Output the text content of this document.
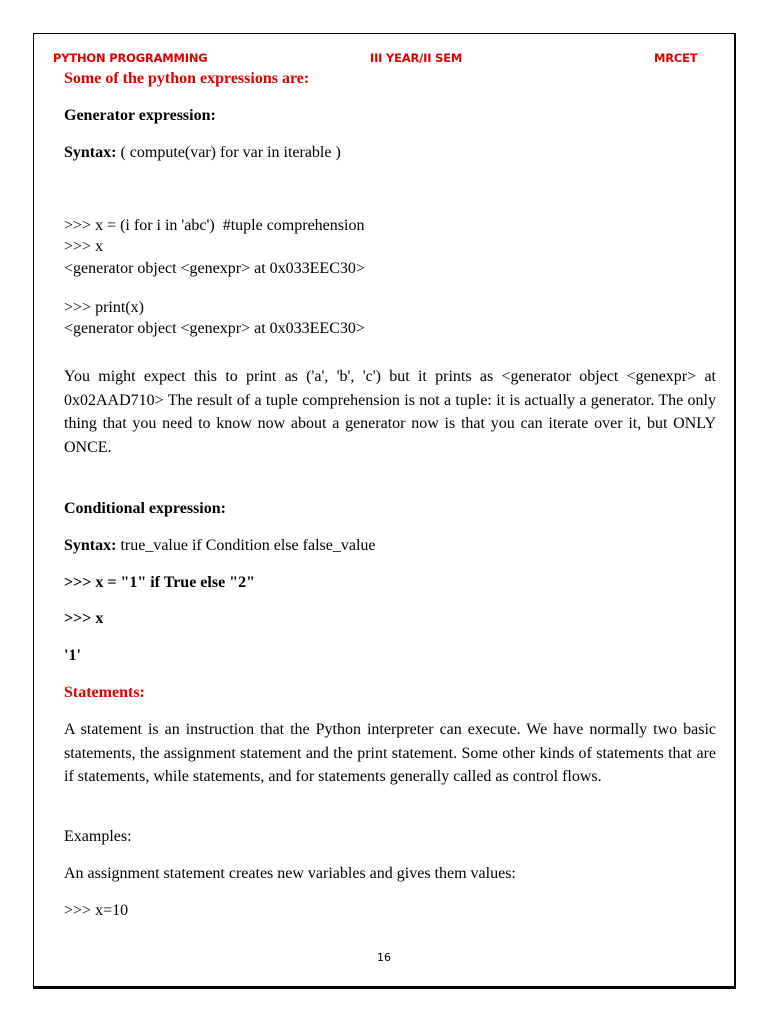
PYTHON PROGRAMMING	III YEAR/II SEM	MRCET
Some of the python expressions are:
Generator expression:
Syntax: ( compute(var) for var in iterable )
>>> x = (i for i in 'abc')  #tuple comprehension
>>> x
<generator object <genexpr> at 0x033EEC30>
>>> print(x)
<generator object <genexpr> at 0x033EEC30>
You might expect this to print as ('a', 'b', 'c') but it prints as <generator object <genexpr> at 0x02AAD710> The result of a tuple comprehension is not a tuple: it is actually a generator. The only thing that you need to know now about a generator now is that you can iterate over it, but ONLY ONCE.
Conditional expression:
Syntax: true_value if Condition else false_value
>>> x = "1" if True else "2"
>>> x
'1'
Statements:
A statement is an instruction that the Python interpreter can execute. We have normally two basic statements, the assignment statement and the print statement. Some other kinds of statements that are if statements, while statements, and for statements generally called as control flows.
Examples:
An assignment statement creates new variables and gives them values:
>>> x=10
16
